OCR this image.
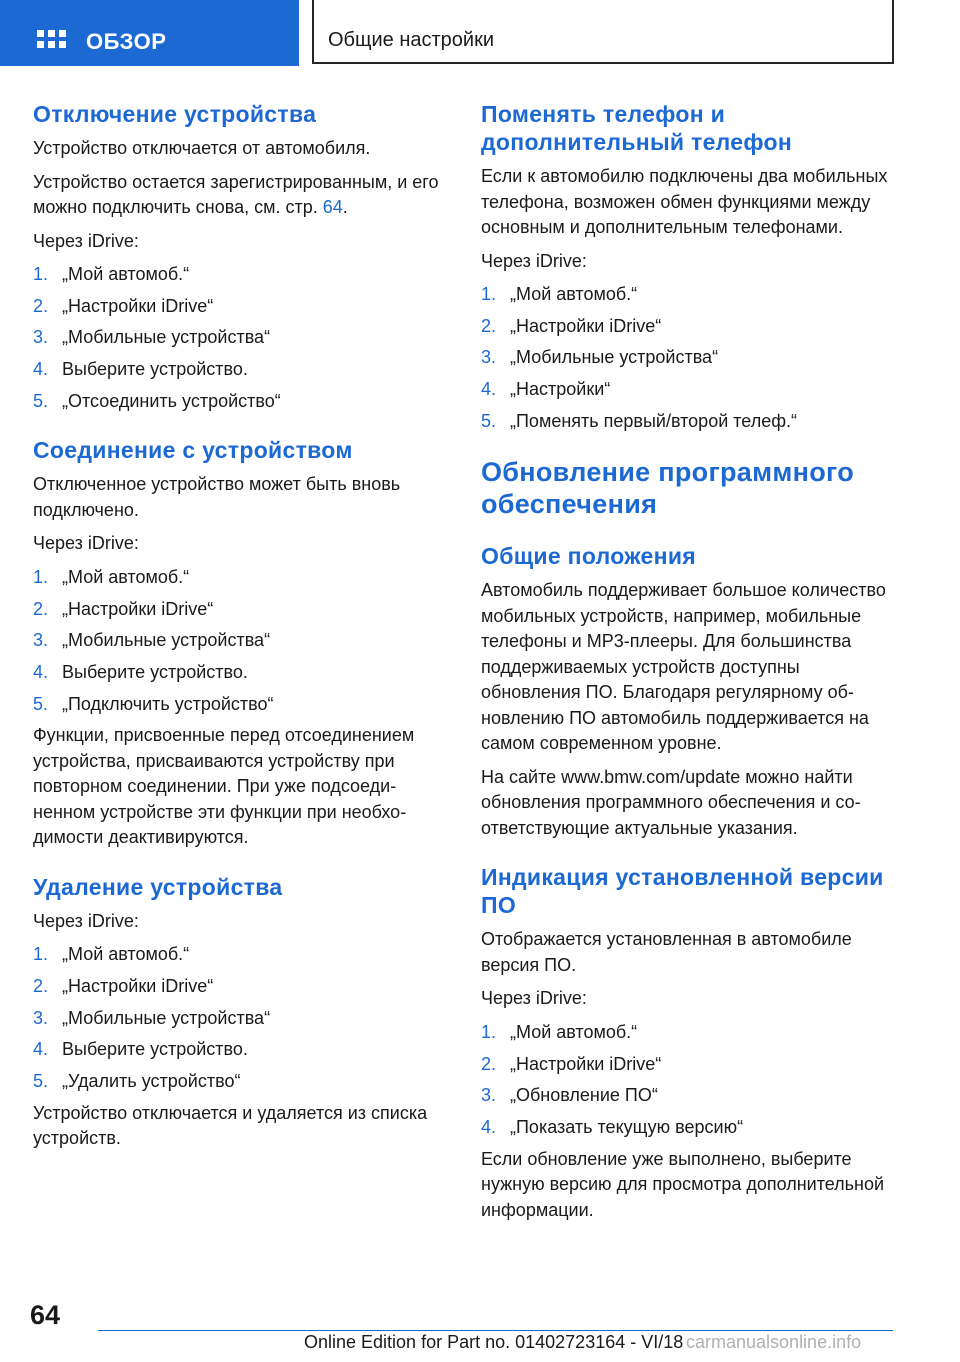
ОБЗОР	Общие настройки
Отключение устройства

Устройство отключается от автомобиля.

Устройство остается зарегистрированным, и его можно подключить снова, см. стр. 64.

Через iDrive:

1. „Мой автомоб.“
2. „Настройки iDrive“
3. „Мобильные устройства“
4. Выберите устройство.
5. „Отсоединить устройство“
Соединение с устройством

Отключенное устройство может быть вновь подключено.

Через iDrive:

1. „Мой автомоб.“
2. „Настройки iDrive“
3. „Мобильные устройства“
4. Выберите устройство.
5. „Подключить устройство“

Функции, присвоенные перед отсоединением устройства, присваиваются устройству при повторном соединении. При уже подсоединенном устройстве эти функции при необходимости деактивируются.

Удаление устройства

Через iDrive:

1. „Мой автомоб.“
2. „Настройки iDrive“
3. „Мобильные устройства“
4. Выберите устройство.
5. „Удалить устройство“

Устройство отключается и удаляется из списка устройств.

Поменять телефон и дополнительный телефон

Если к автомобилю подключены два мобильных телефона, возможен обмен функциями между основным и дополнительным телефонами.

Через iDrive:

1. „Мой автомоб.“
2. „Настройки iDrive“
3. „Мобильные устройства“
4. „Настройки“
5. „Поменять первый/второй телеф.“
Обновление программного обеспечения
Общие положения

Автомобиль поддерживает большое количество мобильных устройств, например, мобильные телефоны и MP3-плееры. Для большинства поддерживаемых устройств доступны обновления ПО. Благодаря регулярному обновлению ПО автомобиль поддерживается на самом современном уровне.

На сайте www.bmw.com/update можно найти обновления программного обеспечения и соответствующие актуальные указания.

Индикация установленной версии ПО

Отображается установленная в автомобиле версия ПО.

Через iDrive:

1. „Мой автомоб.“
2. „Настройки iDrive“
3. „Обновление ПО“
4. „Показать текущую версию“

Если обновление уже выполнено, выберите нужную версию для просмотра дополнительной информации.

64
Online Edition for Part no. 01402723164 - VI/18 carmanualsonline.info
